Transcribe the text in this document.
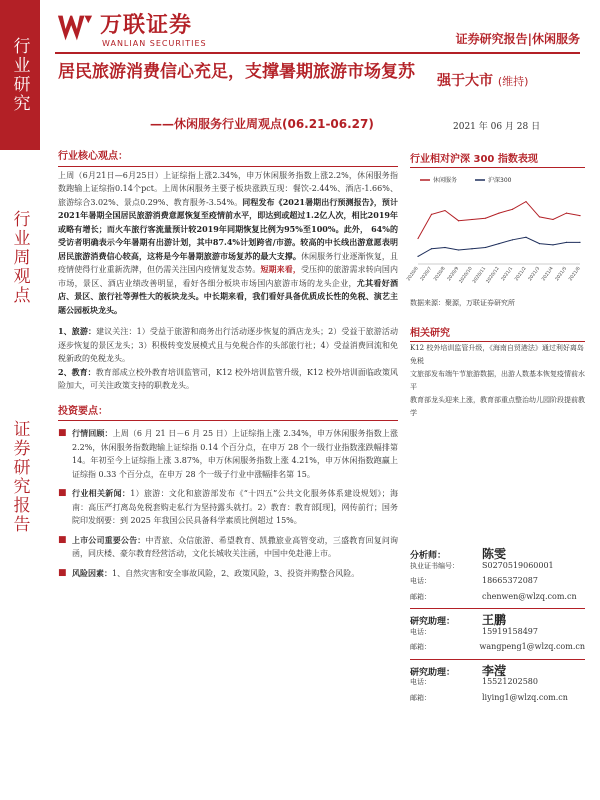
行业研究
行业周观点
证券研究报告
万联证券
WANLIAN SECURITIES	证券研究报告|休闲服务
居民旅游消费信心充足，支撑暑期旅游市场复苏
——休闲服务行业周观点(06.21-06.27)
强于大市 (维持)
2021 年 06 月 28 日
行业核心观点：
上周（6月21日—6月25日）上证综指上涨2.34%，申万休闲服务指数上涨2.2%，休闲服务指数跑输上证综指0.14个pct。上周休闲服务主要子板块涨跌互现：餐饮-2.44%、酒店-1.66%、旅游综合3.02%、景点0.29%、教育服务-3.54%。同程发布《2021暑期出行预测报告》，预计2021年暑期全国居民旅游消费意愿恢复至疫情前水平，即达到或超过1.2亿人次，相比2019年或略有增长；而火车旅行客流量预计较2019年同期恢复比例为95%至100%。此外， 64%的受访者明确表示今年暑期有出游计划，其中87.4%计划跨省/市游。较高的中长线出游意愿表明居民旅游消费信心较高，这将是今年暑期旅游市场复苏的最大支撑。休闲服务行业逐渐恢复，且疫情使得行业重新洗牌，但仍需关注国内疫情复发态势。短期来看，受压抑的旅游需求转向国内市场，景区、酒店业绩改善明显，看好各细分板块市场国内旅游市场的龙头企业，尤其看好酒店、景区、旅行社等弹性大的板块龙头。中长期来看，我们看好具备优质成长性的免税、演艺主题公园板块龙头。
1、旅游：建议关注：1）受益于旅游和商务出行活动逐步恢复的酒店龙头；2）受益于旅游活动逐步恢复的景区龙头；3）积极转变发展模式且与免税合作的头部旅行社；4）受益消费回流和免税新政的免税龙头。
2、教育：教育部成立校外教育培训监管司，K12 校外培训监管升级，K12 校外培训面临政策风险加大，可关注政策支持的职教龙头。
投资要点：
■ 行情回顾：上周（6 月 21 日－6 月 25 日）上证综指上涨 2.34%，申万休闲服务指数上涨 2.2%，休闲服务指数跑输上证综指 0.14 个百分点，在申万 28 个一级行业指数涨跌幅排第 14。年初至今上证综指上涨 3.87%，申万休闲服务指数上涨 4.21%，申万休闲指数跑赢上证综指 0.33 个百分点，在申万 28 个一级子行业中涨幅排名第 15。
■ 行业相关新闻：1）旅游：文化和旅游部发布《“十四五”公共文化服务体系建设规划》；海南：高压严打离岛免税套购走私行为坚持露头就打。2）教育：教育部[现]，网传前行；国务院印发纲要：到 2025 年我国公民具备科学素质比例超过 15%。
■ 上市公司重要公告：中青旅、众信旅游、希望教育、凯撒旅业高管变动，三盛教育回复问询函，同庆楼、豪尔教育经营活动，文化长城收关注函，中国中免赴港上市。
■ 风险因素：1、自然灾害和安全事故风险，2、政策风险，3、投资并购整合风险。
行业相对沪深 300 指数表现
休闲服务	沪深300
2020/6 2020/7 2020/8 2020/9
2020/10
2020/11
2020/12 2021/1 2021/2 2021/3 2021/4 2021/5 2021/6
数据来源：聚源，万联证券研究所
相关研究
K12 校外培训监管升级，《海南自贸港法》通过利好离岛免税
文旅部发布端午节旅游数据，出游人数基本恢复疫情前水平
教育部龙头迎来上涨，教育部重点整治幼儿园阶段提前教学
分析师：	陈雯
执业证书编号：	S0270519060001
电话：	18665372087
邮箱：	chenwen@wlzq.com.cn
研究助理：	王鹏
电话：	15919158497
邮箱：	wangpeng1@wlzq.com.cn
研究助理：	李滢
电话：	15521202580
邮箱：	liying1@wlzq.com.cn
